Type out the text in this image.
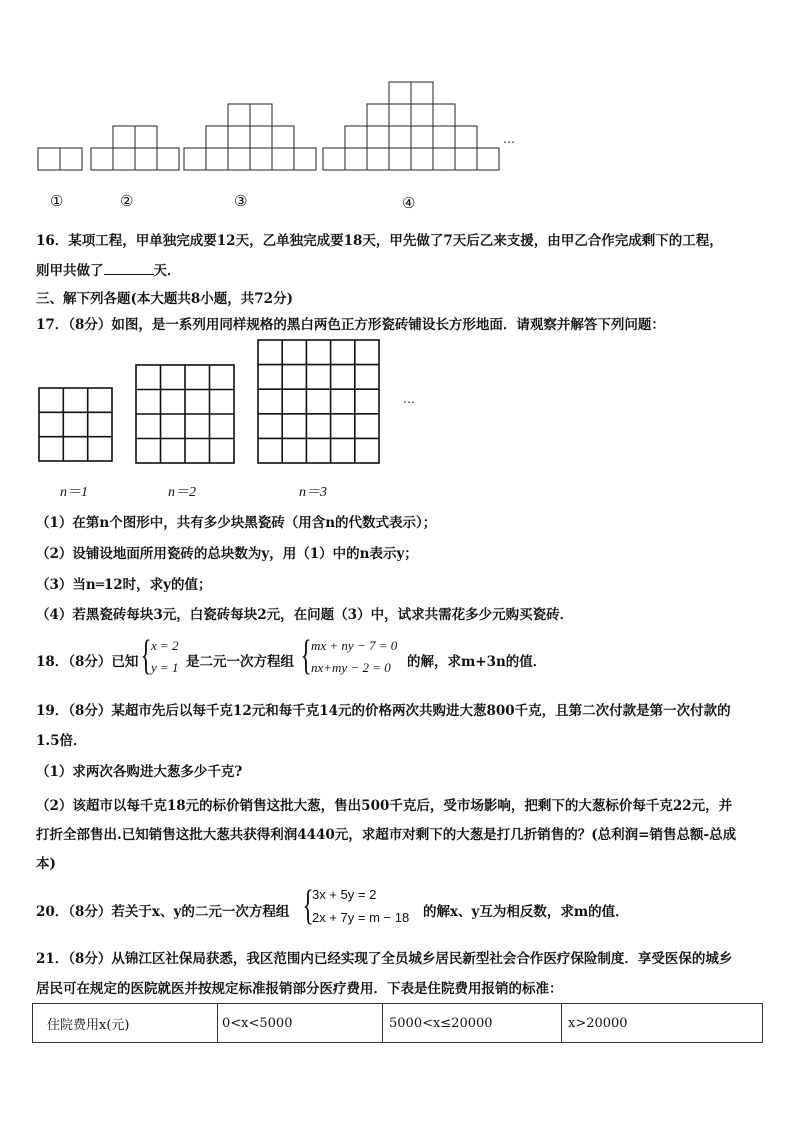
…
①	②	③	④
16．某项工程，甲单独完成要12天，乙单独完成要18天，甲先做了7天后乙来支援，由甲乙合作完成剩下的工程，
则甲共做了	天．
三、解下列各题(本大题共8小题，共72分)
17．（8分）如图，是一系列用同样规格的黑白两色正方形瓷砖铺设长方形地面．请观察并解答下列问题：
…
n＝1	n＝2	n＝3
（1）在第n个图形中，共有多少块黑瓷砖（用含n的代数式表示）；
（2）设铺设地面所用瓷砖的总块数为y，用（1）中的n表示y；
（3）当n═12时，求y的值；
（4）若黑瓷砖每块3元，白瓷砖每块2元，在问题（3）中，试求共需花多少元购买瓷砖．
18．（8分）已知 { x = 2
y = 1 是二元一次方程组 { mx + ny − 7 = 0
nx+my − 2 = 0 的解，求m+3n的值．
19．（8分）某超市先后以每千克12元和每千克14元的价格两次共购进大葱800千克，且第二次付款是第一次付款的
1.5倍．
（1）求两次各购进大葱多少千克?
（2）该超市以每千克18元的标价销售这批大葱，售出500千克后，受市场影响，把剩下的大葱标价每千克22元，并
打折全部售出.已知销售这批大葱共获得利润4440元，求超市对剩下的大葱是打几折销售的？(总利润=销售总额-总成
本)
20．（8分）若关于x、y的二元一次方程组 {
3x + 5y = 2
2x + 7y = m − 18 的解x、y互为相反数，求m的值．
21．（8分）从锦江区社保局获悉，我区范围内已经实现了全员城乡居民新型社会合作医疗保险制度．享受医保的城乡
居民可在规定的医院就医并按规定标准报销部分医疗费用．下表是住院费用报销的标准：
住院费用x(元)	0<x<5000	5000<x≤20000	x>20000
